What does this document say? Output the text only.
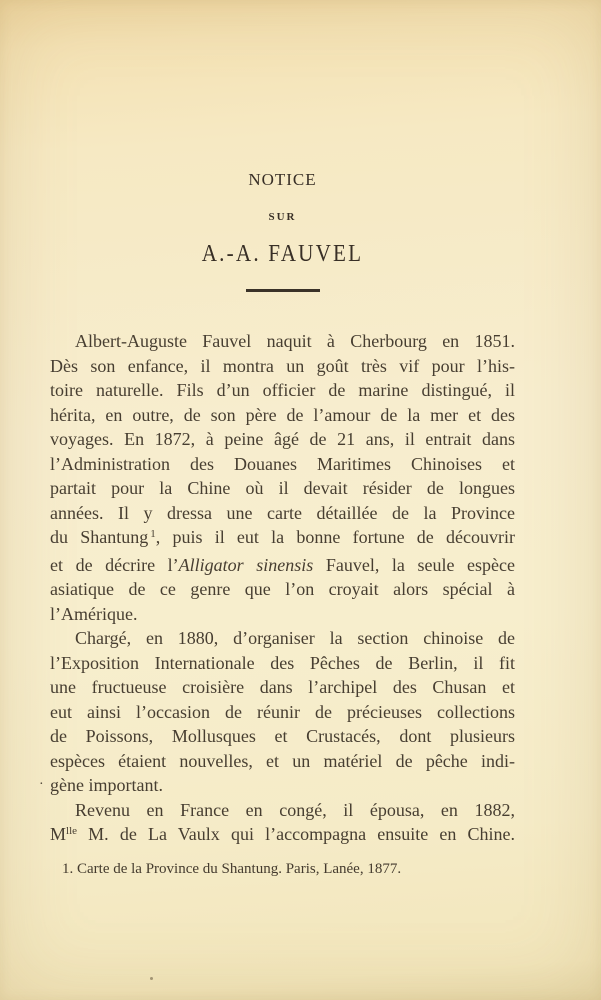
NOTICE
SUR
A.-A. FAUVEL
Albert-Auguste Fauvel naquit à Cherbourg en 1851.
Dès son enfance, il montra un goût très vif pour l’his-
toire naturelle. Fils d’un officier de marine distingué, il
hérita, en outre, de son père de l’amour de la mer et des
voyages. En 1872, à peine âgé de 21 ans, il entrait dans
l’Administration des Douanes Maritimes Chinoises et
partait pour la Chine où il devait résider de longues
années. Il y dressa une carte détaillée de la Province
du Shantung $^1$, puis il eut la bonne fortune de découvrir
et de décrire l’Alligator sinensis Fauvel, la seule espèce
asiatique de ce genre que l’on croyait alors spécial à
l’Amérique.
Chargé, en 1880, d’organiser la section chinoise de
l’Exposition Internationale des Pêches de Berlin, il fit
une fructueuse croisière dans l’archipel des Chusan et
eut ainsi l’occasion de réunir de précieuses collections
de Poissons, Mollusques et Crustacés, dont plusieurs
espèces étaient nouvelles, et un matériel de pêche indi-
· gène important.
Revenu en France en congé, il épousa, en 1882,
$M^{lle}$ M. de La Vaulx qui l’accompagna ensuite en Chine.
1. Carte de la Province du Shantung. Paris, Lanée, 1877.
